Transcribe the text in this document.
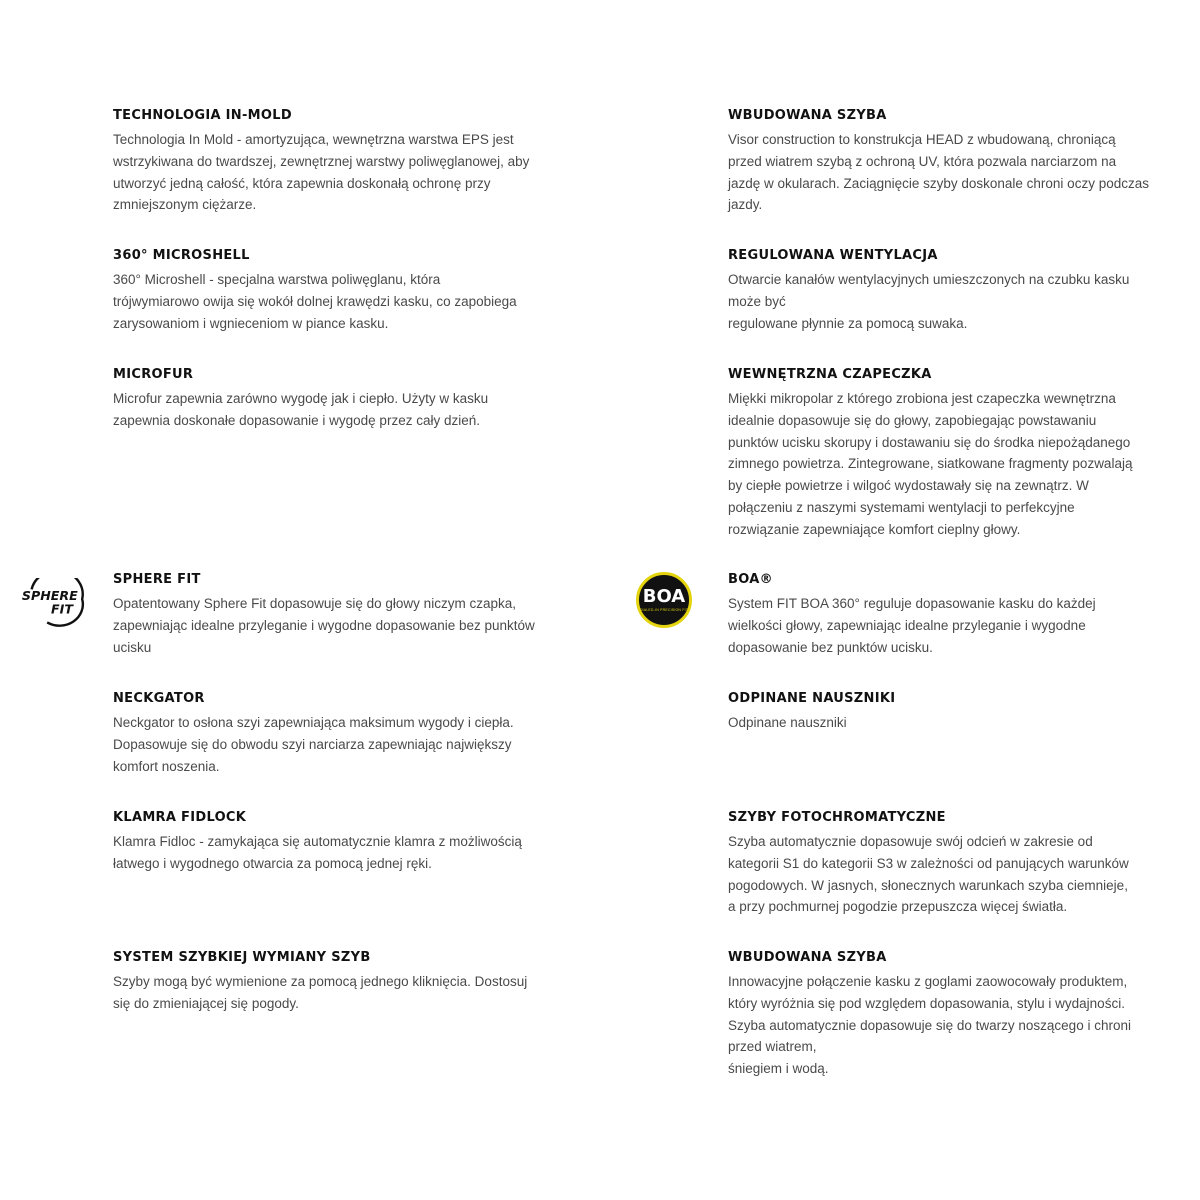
TECHNOLOGIA IN-MOLD
Technologia In Mold - amortyzująca, wewnętrzna warstwa EPS jest
wstrzykiwana do twardszej, zewnętrznej warstwy poliwęglanowej, aby
utworzyć jedną całość, która zapewnia doskonałą ochronę przy
zmniejszonym ciężarze.
360° MICROSHELL
360° Microshell - specjalna warstwa poliwęglanu, która
trójwymiarowo owija się wokół dolnej krawędzi kasku, co zapobiega
zarysowaniom i wgnieceniom w piance kasku.
MICROFUR
Microfur zapewnia zarówno wygodę jak i ciepło. Użyty w kasku
zapewnia doskonałe dopasowanie i wygodę przez cały dzień.
SPHERE
FIT
SPHERE FIT
Opatentowany Sphere Fit dopasowuje się do głowy niczym czapka,
zapewniając idealne przyleganie i wygodne dopasowanie bez punktów
ucisku
NECKGATOR
Neckgator to osłona szyi zapewniająca maksimum wygody i ciepła.
Dopasowuje się do obwodu szyi narciarza zapewniając największy
komfort noszenia.
KLAMRA FIDLOCK
Klamra Fidloc - zamykająca się automatycznie klamra z możliwością
łatwego i wygodnego otwarcia za pomocą jednej ręki.
SYSTEM SZYBKIEJ WYMIANY SZYB
Szyby mogą być wymienione za pomocą jednego kliknięcia. Dostosuj
się do zmieniającej się pogody.
WBUDOWANA SZYBA
Visor construction to konstrukcja HEAD z wbudowaną, chroniącą
przed wiatrem szybą z ochroną UV, która pozwala narciarzom na
jazdę w okularach. Zaciągnięcie szyby doskonale chroni oczy podczas
jazdy.
REGULOWANA WENTYLACJA
Otwarcie kanałów wentylacyjnych umieszczonych na czubku kasku
może być
regulowane płynnie za pomocą suwaka.
WEWNĘTRZNA CZAPECZKA
Miękki mikropolar z którego zrobiona jest czapeczka wewnętrzna
idealnie dopasowuje się do głowy, zapobiegając powstawaniu
punktów ucisku skorupy i dostawaniu się do środka niepożądanego
zimnego powietrza. Zintegrowane, siatkowane fragmenty pozwalają
by ciepłe powietrze i wilgoć wydostawały się na zewnątrz. W
połączeniu z naszymi systemami wentylacji to perfekcyjne
rozwiązanie zapewniające komfort cieplny głowy.
BOA
DIALED-IN PRECISION FIT
BOA®
System FIT BOA 360° reguluje dopasowanie kasku do każdej
wielkości głowy, zapewniając idealne przyleganie i wygodne
dopasowanie bez punktów ucisku.
ODPINANE NAUSZNIKI
Odpinane nauszniki
SZYBY FOTOCHROMATYCZNE
Szyba automatycznie dopasowuje swój odcień w zakresie od
kategorii S1 do kategorii S3 w zależności od panujących warunków
pogodowych. W jasnych, słonecznych warunkach szyba ciemnieje,
a przy pochmurnej pogodzie przepuszcza więcej światła.
WBUDOWANA SZYBA
Innowacyjne połączenie kasku z goglami zaowocowały produktem,
który wyróżnia się pod względem dopasowania, stylu i wydajności.
Szyba automatycznie dopasowuje się do twarzy noszącego i chroni
przed wiatrem,
śniegiem i wodą.
